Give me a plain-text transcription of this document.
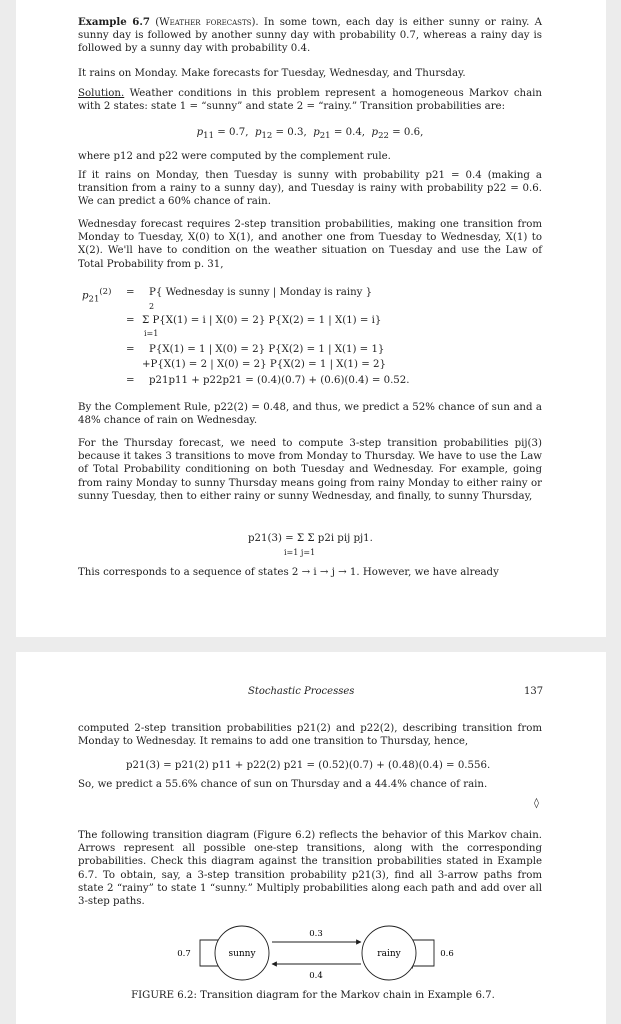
Example 6.7 (Weather forecasts). In some town, each day is either sunny or rainy. A sunny day is followed by another sunny day with probability 0.7, whereas a rainy day is followed by a sunny day with probability 0.4.
It rains on Monday. Make forecasts for Tuesday, Wednesday, and Thursday.
Solution. Weather conditions in this problem represent a homogeneous Markov chain with 2 states: state 1 = “sunny” and state 2 = “rainy.” Transition probabilities are:
$p_{11} = 0.7$,  $p_{12} = 0.3$,  $p_{21} = 0.4$,  $p_{22} = 0.6$,
where p12 and p22 were computed by the complement rule.
If it rains on Monday, then Tuesday is sunny with probability p21 = 0.4 (making a transition from a rainy to a sunny day), and Tuesday is rainy with probability p22 = 0.6. We can predict a 60% chance of rain.
Wednesday forecast requires 2-step transition probabilities, making one transition from Monday to Tuesday, X(0) to X(1), and another one from Tuesday to Wednesday, X(1) to X(2). We'll have to condition on the weather situation on Tuesday and use the Law of Total Probability from p. 31,
$p_{21}^{(2)} = P${ Wednesday is sunny | Monday is rainy }
=
2
i=1
Σ P{X(1) = i | X(0) = 2} P{X(2) = 1 | X(1) = i}
= P{X(1) = 1 | X(0) = 2} P{X(2) = 1 | X(1) = 1}
+P{X(1) = 2 | X(0) = 2} P{X(2) = 1 | X(1) = 2}
= p21p11 + p22p21 = (0.4)(0.7) + (0.6)(0.4) = 0.52.
By the Complement Rule, p22(2) = 0.48, and thus, we predict a 52% chance of sun and a 48% chance of rain on Wednesday.
For the Thursday forecast, we need to compute 3-step transition probabilities pij(3) because it takes 3 transitions to move from Monday to Thursday. We have to use the Law of Total Probability conditioning on both Tuesday and Wednesday. For example, going from rainy Monday to sunny Thursday means going from rainy Monday to either rainy or sunny Tuesday, then to either rainy or sunny Wednesday, and finally, to sunny Thursday,
p21(3) = Σ Σ p2i pij pj1.
i=1 j=1
This corresponds to a sequence of states 2 → i → j → 1. However, we have already
Stochastic Processes	137
computed 2-step transition probabilities p21(2) and p22(2), describing transition from Monday to Wednesday. It remains to add one transition to Thursday, hence,
p21(3) = p21(2) p11 + p22(2) p21 = (0.52)(0.7) + (0.48)(0.4) = 0.556.
So, we predict a 55.6% chance of sun on Thursday and a 44.4% chance of rain.
◊
The following transition diagram (Figure 6.2) reflects the behavior of this Markov chain. Arrows represent all possible one-step transitions, along with the corresponding probabilities. Check this diagram against the transition probabilities stated in Example 6.7. To obtain, say, a 3-step transition probability p21(3), find all 3-arrow paths from state 2 “rainy” to state 1 “sunny.” Multiply probabilities along each path and add over all 3-step paths.
sunny	rainy
0.7	0.6
0.3
0.4
FIGURE 6.2: Transition diagram for the Markov chain in Example 6.7.
